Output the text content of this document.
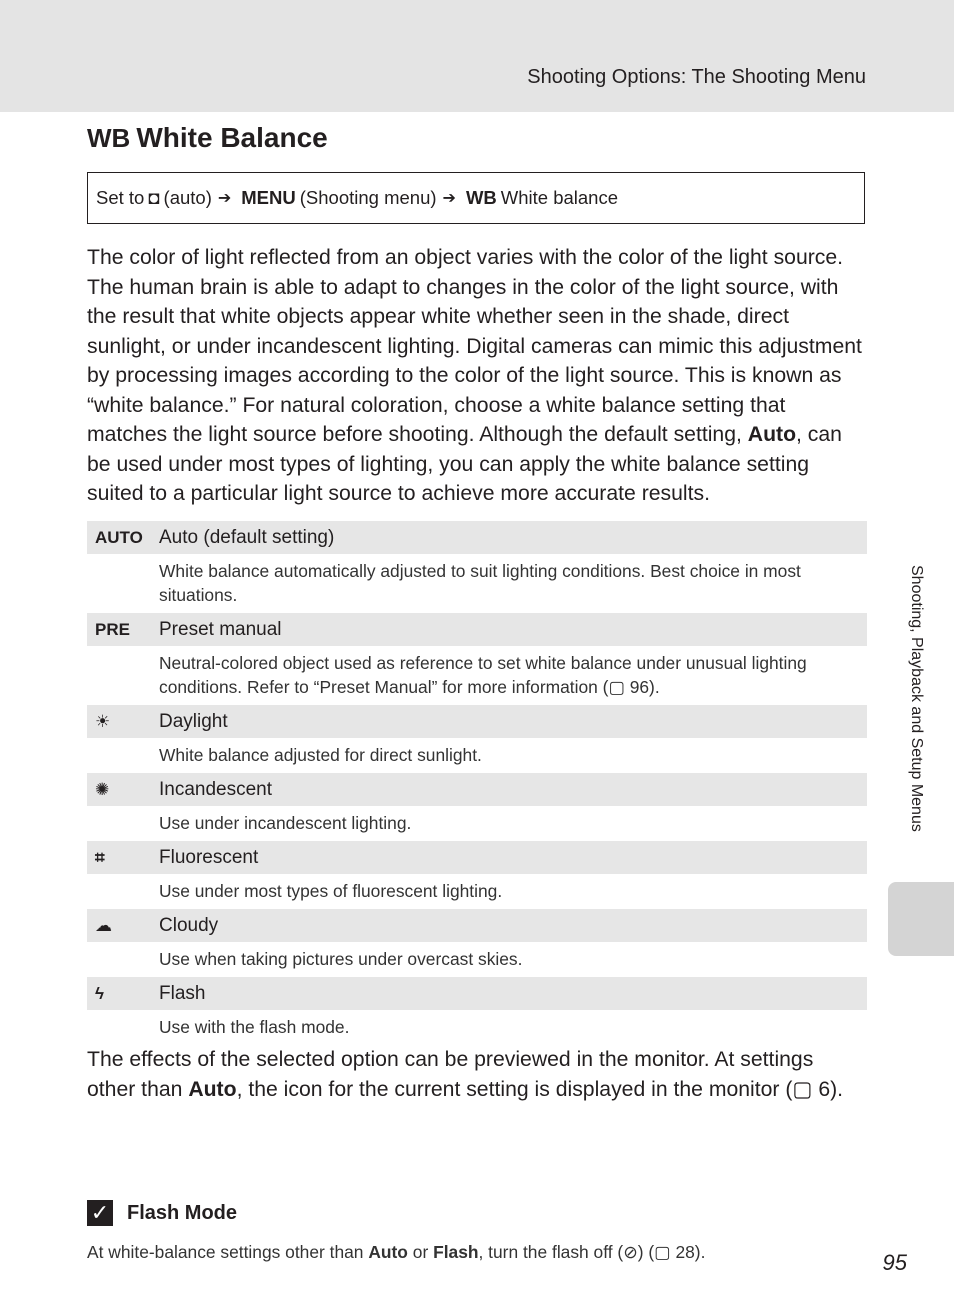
Shooting Options: The Shooting Menu
WB White Balance
Set to ◘ (auto) ➔ MENU (Shooting menu) ➔ WB White balance

The color of light reflected from an object varies with the color of the light source. The human brain is able to adapt to changes in the color of the light source, with the result that white objects appear white whether seen in the shade, direct sunlight, or under incandescent lighting. Digital cameras can mimic this adjustment by processing images according to the color of the light source. This is known as “white balance.” For natural coloration, choose a white balance setting that matches the light source before shooting. Although the default setting, Auto, can be used under most types of lighting, you can apply the white balance setting suited to a particular light source to achieve more accurate results.

AUTO Auto (default setting)
White balance automatically adjusted to suit lighting conditions. Best choice in most situations.
PRE	Preset manual
Neutral-colored object used as reference to set white balance under unusual lighting conditions. Refer to “Preset Manual” for more information (▢ 96).
☀	Daylight
White balance adjusted for direct sunlight.
✺	Incandescent
Use under incandescent lighting.
⌗	Fluorescent
Use under most types of fluorescent lighting.
☁	Cloudy
Use when taking pictures under overcast skies.
ϟ	Flash
Use with the flash mode.

The effects of the selected option can be previewed in the monitor. At settings other than Auto, the icon for the current setting is displayed in the monitor (▢ 6).

✓ Flash Mode
At white-balance settings other than Auto or Flash, turn the flash off (⊘) (▢ 28).
Shooting, Playback and Setup Menus
95
